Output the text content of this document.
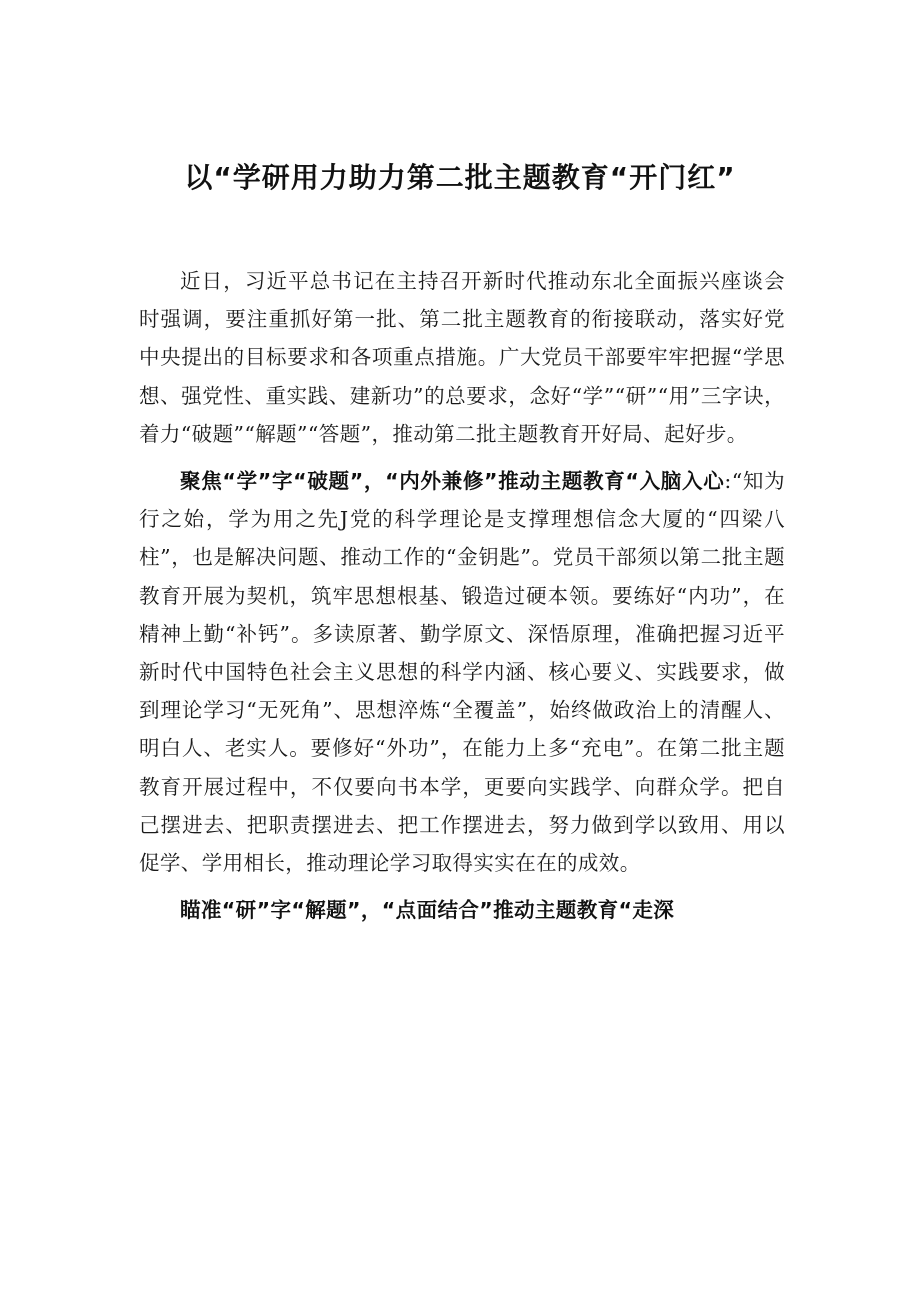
以“学研用力助力第二批主题教育“开门红”

近日，习近平总书记在主持召开新时代推动东北全面振兴座谈会时强调，要注重抓好第一批、第二批主题教育的衔接联动，落实好党中央提出的目标要求和各项重点措施。广大党员干部要牢牢把握“学思想、强党性、重实践、建新功”的总要求，念好“学”“研”“用”三字诀，着力“破题”“解题”“答题”，推动第二批主题教育开好局、起好步。

聚焦“学”字“破题”，“内外兼修”推动主题教育“入脑入心:“知为行之始，学为用之先J党的科学理论是支撑理想信念大厦的“四梁八柱”，也是解决问题、推动工作的“金钥匙”。党员干部须以第二批主题教育开展为契机，筑牢思想根基、锻造过硬本领。要练好“内功”，在精神上勤“补钙”。多读原著、勤学原文、深悟原理，准确把握习近平新时代中国特色社会主义思想的科学内涵、核心要义、实践要求，做到理论学习“无死角”、思想淬炼“全覆盖”，始终做政治上的清醒人、明白人、老实人。要修好“外功”，在能力上多“充电”。在第二批主题教育开展过程中，不仅要向书本学，更要向实践学、向群众学。把自己摆进去、把职责摆进去、把工作摆进去，努力做到学以致用、用以促学、学用相长，推动理论学习取得实实在在的成效。

瞄准“研”字“解题”，“点面结合”推动主题教育“走深
